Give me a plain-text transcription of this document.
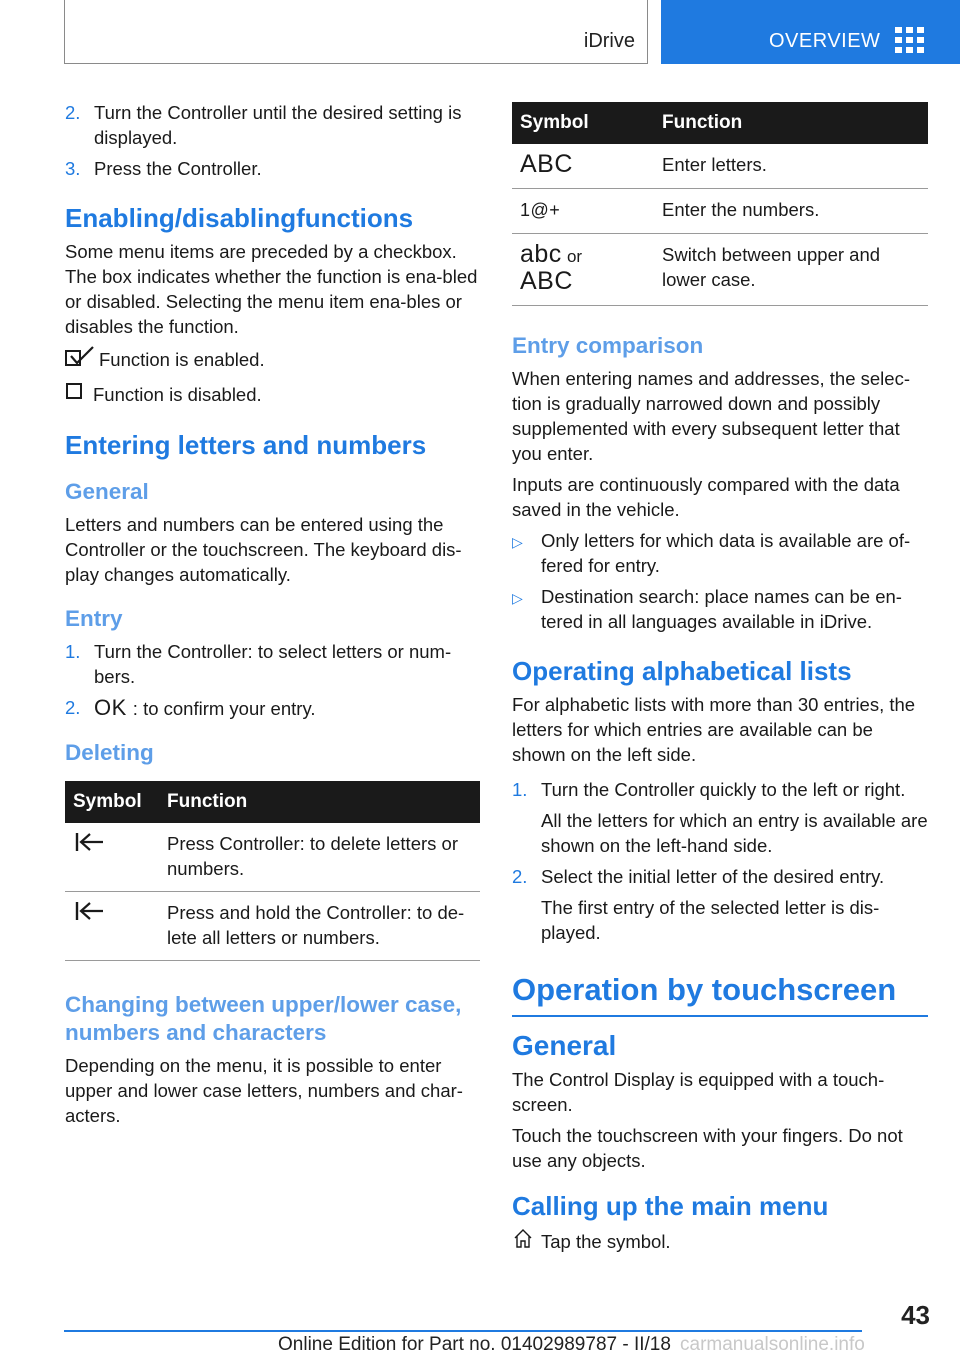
iDrive	OVERVIEW
2. Turn the Controller until the desired setting is displayed.
3. Press the Controller.
Enabling/disablingfunctions

Some menu items are preceded by a checkbox. The box indicates whether the function is ena-bled or disabled. Selecting the menu item ena-bles or disables the function.

Function is enabled.
Function is disabled.
Entering letters and numbers
General

Letters and numbers can be entered using the Controller or the touchscreen. The keyboard dis-play changes automatically.

Entry
1. Turn the Controller: to select letters or num-bers.
2. OK : to confirm your entry.
Deleting
Symbol	Function
	Press Controller: to delete letters or numbers.
	Press and hold the Controller: to de-lete all letters or numbers.
Changing between upper/lower case, numbers and characters

Depending on the menu, it is possible to enter upper and lower case letters, numbers and char-acters.

Symbol	Function
ABC	Enter letters.
1@+	Enter the numbers.
abc or
ABC	Switch between upper and lower case.
Entry comparison

When entering names and addresses, the selec-tion is gradually narrowed down and possibly supplemented with every subsequent letter that you enter.

Inputs are continuously compared with the data saved in the vehicle.

▷ Only letters for which data is available are of-fered for entry.
▷ Destination search: place names can be en-tered in all languages available in iDrive.
Operating alphabetical lists

For alphabetic lists with more than 30 entries, the letters for which entries are available can be shown on the left side.

1. Turn the Controller quickly to the left or right.
All the letters for which an entry is available are shown on the left-hand side.
2. Select the initial letter of the desired entry.
The first entry of the selected letter is dis-played.
Operation by touchscreen
General

The Control Display is equipped with a touch-screen.

Touch the touchscreen with your fingers. Do not use any objects.

Calling up the main menu
Tap the symbol.
43
Online Edition for Part no. 01402989787 - II/18 carmanualsonline.info
